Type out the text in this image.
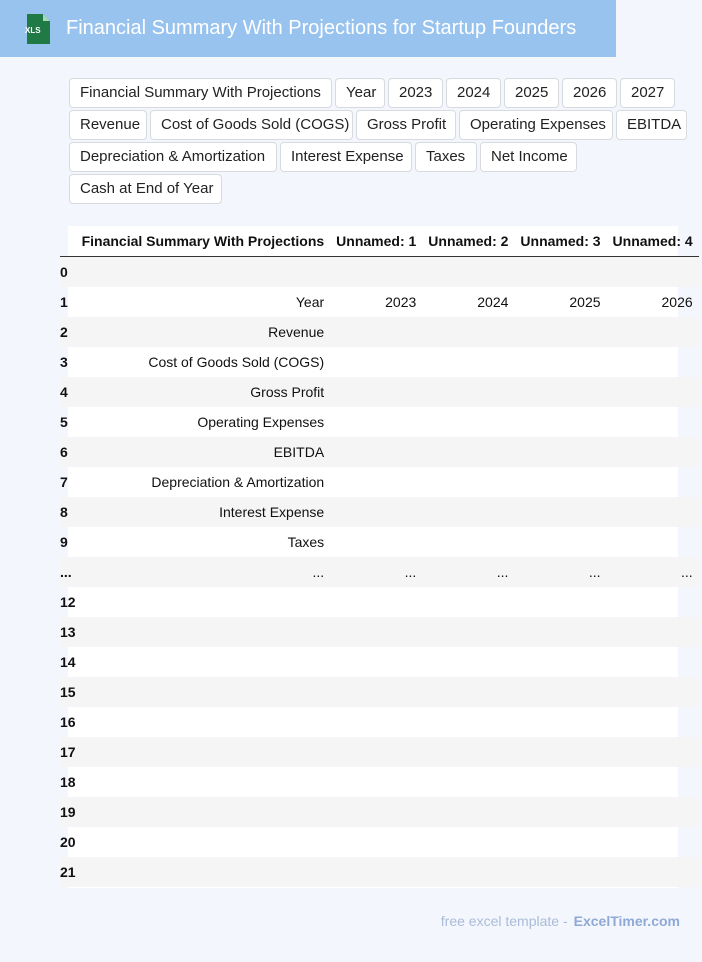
XLS Financial Summary With Projections for Startup Founders
Financial Summary With Projections	Year	2023	2024	2025	2026	2027
Revenue	Cost of Goods Sold (COGS)	Gross Profit	Operating Expenses	EBITDA
Depreciation & Amortization	Interest Expense	Taxes	Net Income
Cash at End of Year
	Financial Summary With Projections	Unnamed: 1	Unnamed: 2	Unnamed: 3	Unnamed: 4
0					
1	Year	2023	2024	2025	2026
2	Revenue				
3	Cost of Goods Sold (COGS)				
4	Gross Profit				
5	Operating Expenses				
6	EBITDA				
7	Depreciation & Amortization				
8	Interest Expense				
9	Taxes				
...	...	...	...	...	...
12					
13					
14					
15					
16					
17					
18					
19					
20					
21					
free excel template - ExcelTimer.com
